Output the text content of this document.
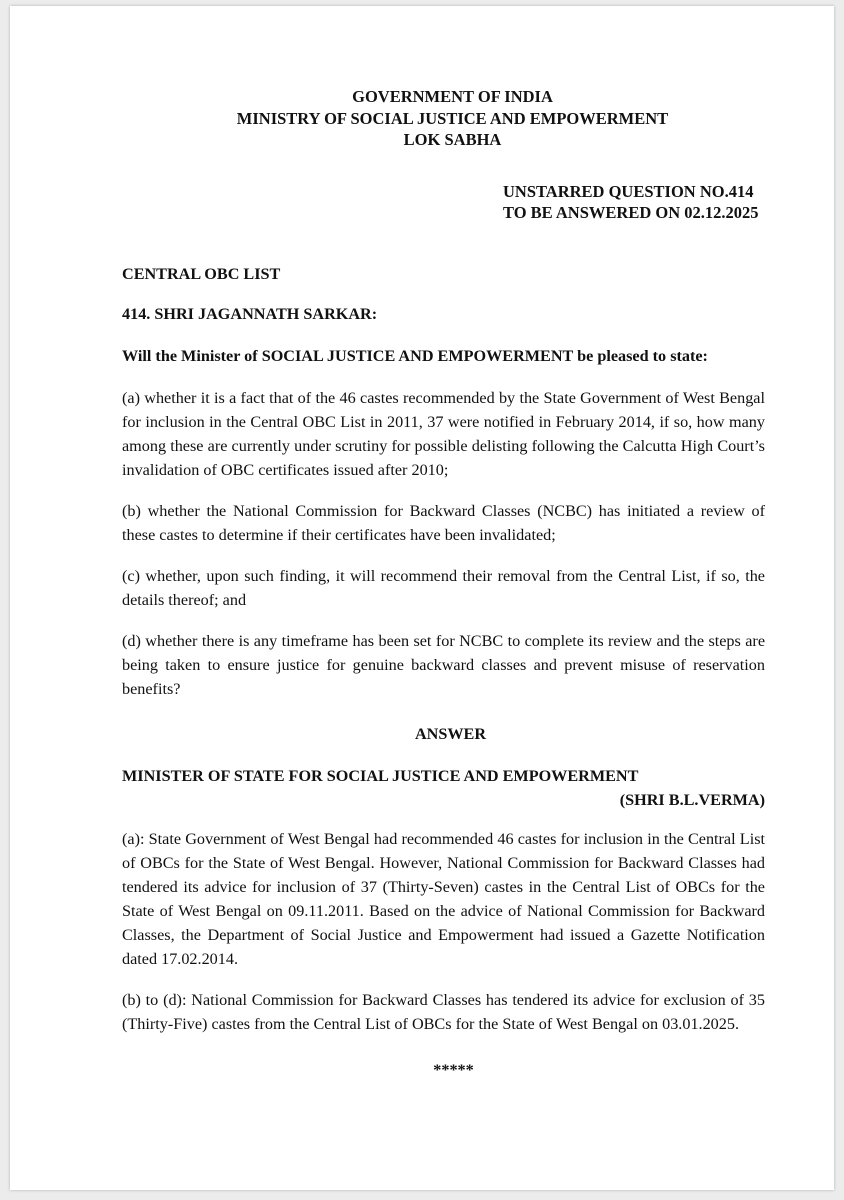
GOVERNMENT OF INDIA
MINISTRY OF SOCIAL JUSTICE AND EMPOWERMENT
LOK SABHA
UNSTARRED QUESTION NO.414
TO BE ANSWERED ON 02.12.2025
CENTRAL OBC LIST
414. SHRI JAGANNATH SARKAR:
Will the Minister of SOCIAL JUSTICE AND EMPOWERMENT be pleased to state:

(a) whether it is a fact that of the 46 castes recommended by the State Government of West Bengal for inclusion in the Central OBC List in 2011, 37 were notified in February 2014, if so, how many among these are currently under scrutiny for possible delisting following the Calcutta High Court’s invalidation of OBC certificates issued after 2010;

(b) whether the National Commission for Backward Classes (NCBC) has initiated a review of these castes to determine if their certificates have been invalidated;

(c) whether, upon such finding, it will recommend their removal from the Central List, if so, the details thereof; and

(d) whether there is any timeframe has been set for NCBC to complete its review and the steps are being taken to ensure justice for genuine backward classes and prevent misuse of reservation benefits?

ANSWER
MINISTER OF STATE FOR SOCIAL JUSTICE AND EMPOWERMENT
(SHRI B.L.VERMA)

(a): State Government of West Bengal had recommended 46 castes for inclusion in the Central List of OBCs for the State of West Bengal. However, National Commission for Backward Classes had tendered its advice for inclusion of 37 (Thirty-Seven) castes in the Central List of OBCs for the State of West Bengal on 09.11.2011. Based on the advice of National Commission for Backward Classes, the Department of Social Justice and Empowerment had issued a Gazette Notification dated 17.02.2014.

(b) to (d): National Commission for Backward Classes has tendered its advice for exclusion of 35 (Thirty-Five) castes from the Central List of OBCs for the State of West Bengal on 03.01.2025.

*****
